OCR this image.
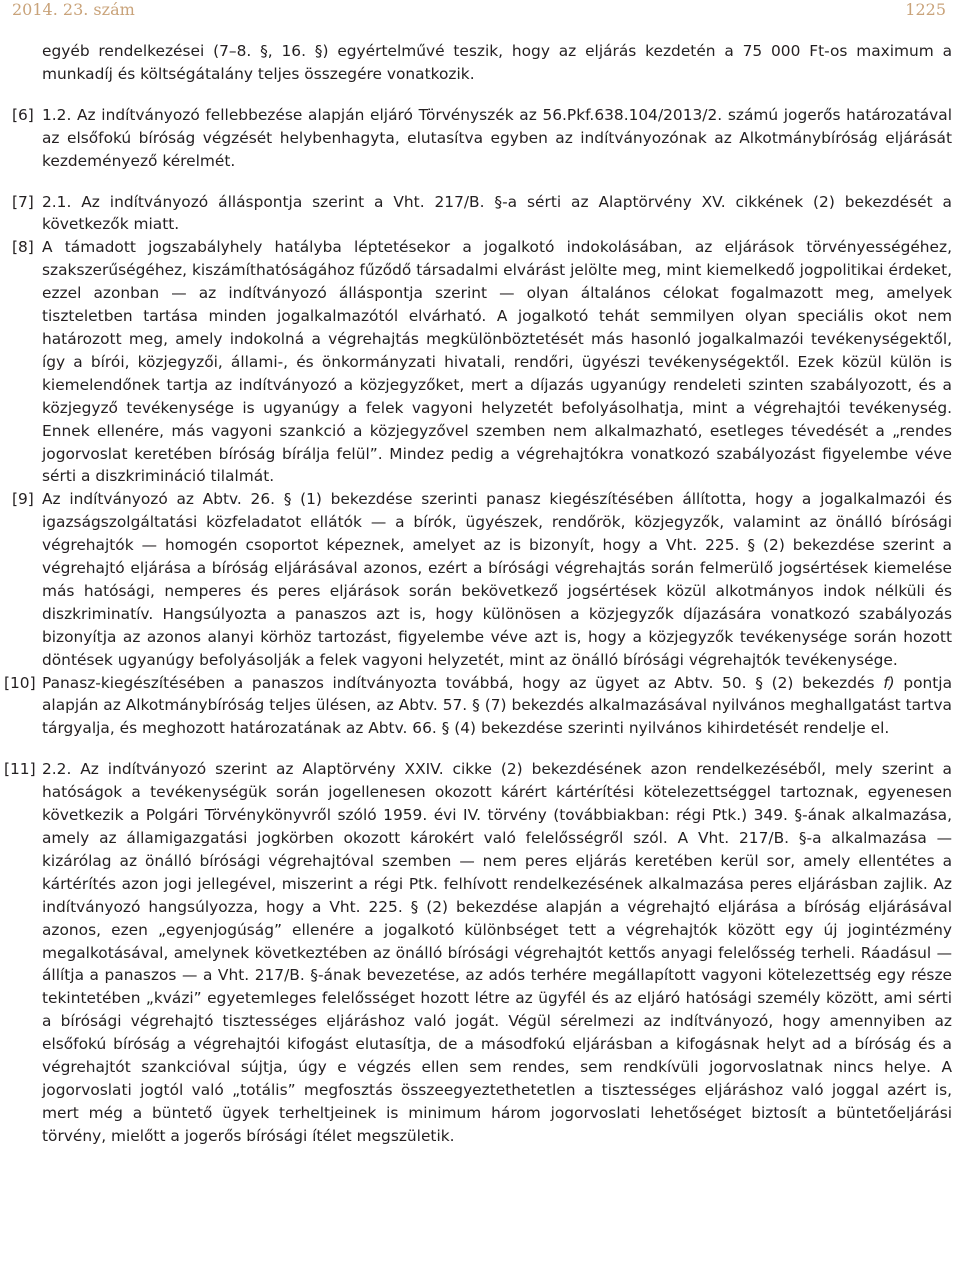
2014. 23. szám	1225

egyéb rendelkezései (7–8. §, 16. §) egyértelművé teszik, hogy az eljárás kezdetén a 75 000 Ft-os maximum a munkadíj és költségátalány teljes összegére vonatkozik.

[6] 1.2. Az indítványozó fellebbezése alapján eljáró Törvényszék az 56.Pkf.638.104/2013/2. számú jogerős határozatával az elsőfokú bíróság végzését helybenhagyta, elutasítva egyben az indítványozónak az Alkotmánybíróság eljárását kezdeményező kérelmét.
[7] 2.1. Az indítványozó álláspontja szerint a Vht. 217/B. §-a sérti az Alaptörvény XV. cikkének (2) bekezdését a következők miatt.
[8] A támadott jogszabályhely hatályba léptetésekor a jogalkotó indokolásában, az eljárások törvényességéhez, szakszerűségéhez, kiszámíthatóságához fűződő társadalmi elvárást jelölte meg, mint kiemelkedő jogpolitikai érdeket, ezzel azonban — az indítványozó álláspontja szerint — olyan általános célokat fogalmazott meg, amelyek tiszteletben tartása minden jogalkalmazótól elvárható. A jogalkotó tehát semmilyen olyan speciális okot nem határozott meg, amely indokolná a végrehajtás megkülönböztetését más hasonló jogalkalmazói tevékenységektől, így a bírói, közjegyzői, állami-, és önkormányzati hivatali, rendőri, ügyészi tevékenységektől. Ezek közül külön is kiemelendőnek tartja az indítványozó a közjegyzőket, mert a díjazás ugyanúgy rendeleti szinten szabályozott, és a közjegyző tevékenysége is ugyanúgy a felek vagyoni helyzetét befolyásolhatja, mint a végrehajtói tevékenység. Ennek ellenére, más vagyoni szankció a közjegyzővel szemben nem alkalmazható, esetleges tévedését a „rendes jogorvoslat keretében bíróság bírálja felül”. Mindez pedig a végrehajtókra vonatkozó szabályozást figyelembe véve sérti a diszkrimináció tilalmát.
[9] Az indítványozó az Abtv. 26. § (1) bekezdése szerinti panasz kiegészítésében állította, hogy a jogalkalmazói és igazságszolgáltatási közfeladatot ellátók — a bírók, ügyészek, rendőrök, közjegyzők, valamint az önálló bírósági végrehajtók — homogén csoportot képeznek, amelyet az is bizonyít, hogy a Vht. 225. § (2) bekezdése szerint a végrehajtó eljárása a bíróság eljárásával azonos, ezért a bírósági végrehajtás során felmerülő jogsértések kiemelése más hatósági, nemperes és peres eljárások során bekövetkező jogsértések közül alkotmányos indok nélküli és diszkriminatív. Hangsúlyozta a panaszos azt is, hogy különösen a közjegyzők díjazására vonatkozó szabályozás bizonyítja az azonos alanyi körhöz tartozást, figyelembe véve azt is, hogy a közjegyzők tevékenysége során hozott döntések ugyanúgy befolyásolják a felek vagyoni helyzetét, mint az önálló bírósági végrehajtók tevékenysége.
[10] Panasz-kiegészítésében a panaszos indítványozta továbbá, hogy az ügyet az Abtv. 50. § (2) bekezdés f) pontja alapján az Alkotmánybíróság teljes ülésen, az Abtv. 57. § (7) bekezdés alkalmazásával nyilvános meghallgatást tartva tárgyalja, és meghozott határozatának az Abtv. 66. § (4) bekezdése szerinti nyilvános kihirdetését rendelje el.
[11] 2.2. Az indítványozó szerint az Alaptörvény XXIV. cikke (2) bekezdésének azon rendelkezéséből, mely szerint a hatóságok a tevékenységük során jogellenesen okozott kárért kártérítési kötelezettséggel tartoznak, egyenesen következik a Polgári Törvénykönyvről szóló 1959. évi IV. törvény (továbbiakban: régi Ptk.) 349. §-ának alkalmazása, amely az államigazgatási jogkörben okozott károkért való felelősségről szól. A Vht. 217/B. §-a alkalmazása — kizárólag az önálló bírósági végrehajtóval szemben — nem peres eljárás keretében kerül sor, amely ellentétes a kártérítés azon jogi jellegével, miszerint a régi Ptk. felhívott rendelkezésének alkalmazása peres eljárásban zajlik. Az indítványozó hangsúlyozza, hogy a Vht. 225. § (2) bekezdése alapján a végrehajtó eljárása a bíróság eljárásával azonos, ezen „egyenjogúság” ellenére a jogalkotó különbséget tett a végrehajtók között egy új jogintézmény megalkotásával, amelynek következtében az önálló bírósági végrehajtót kettős anyagi felelősség terheli. Ráadásul — állítja a panaszos — a Vht. 217/B. §-ának bevezetése, az adós terhére megállapított vagyoni kötelezettség egy része tekintetében „kvázi” egyetemleges felelősséget hozott létre az ügyfél és az eljáró hatósági személy között, ami sérti a bírósági végrehajtó tisztességes eljáráshoz való jogát. Végül sérelmezi az indítványozó, hogy amennyiben az elsőfokú bíróság a végrehajtói kifogást elutasítja, de a másodfokú eljárásban a kifogásnak helyt ad a bíróság és a végrehajtót szankcióval sújtja, úgy e végzés ellen sem rendes, sem rendkívüli jogorvoslatnak nincs helye. A jogorvoslati jogtól való „totális” megfosztás összeegyeztethetetlen a tisztességes eljáráshoz való joggal azért is, mert még a büntető ügyek terheltjeinek is minimum három jogorvoslati lehetőséget biztosít a büntetőeljárási törvény, mielőtt a jogerős bírósági ítélet megszületik.
